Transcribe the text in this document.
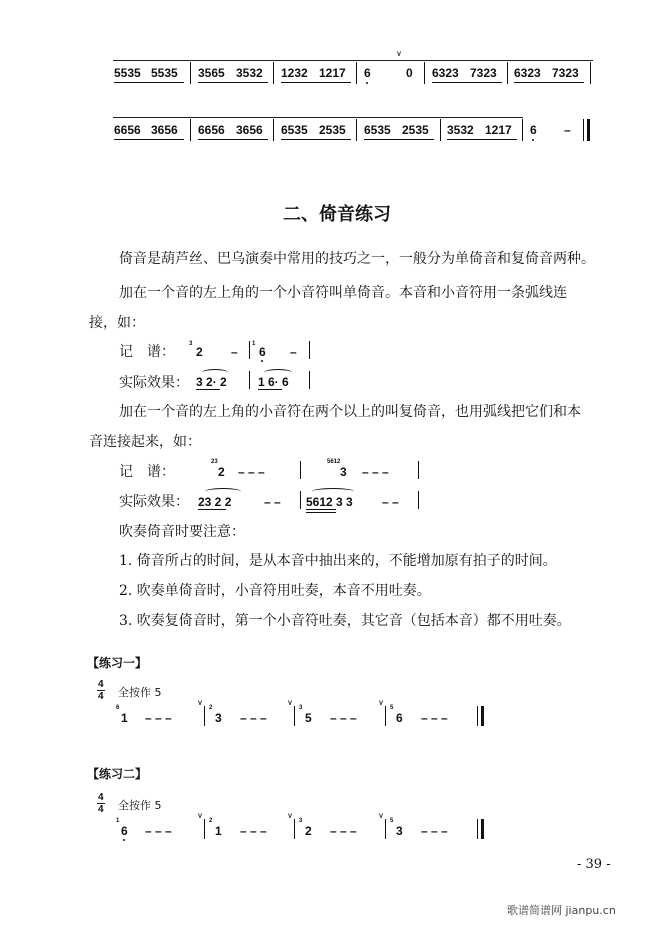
5535 5535 3565 3532 1232 1217 6
V
0 6323 7323 6323 7323
6656 3656 6656 3656 6535 2535 6535 2535 3532 1217 6 –
二、倚音练习
倚音是葫芦丝、巴乌演奏中常用的技巧之一，一般分为单倚音和复倚音两种。
加在一个音的左上角的一个小音符叫单倚音。本音和小音符用一条弧线连
接，如：
记　谱： 3
2 –
1
6 –
实际效果： 3 2· 2	1 6· 6
加在一个音的左上角的小音符在两个以上的叫复倚音，也用弧线把它们和本
音连接起来，如：
记　谱：
23
2 – – –
5612
3 – – –
实际效果： 23 2 2	– – 5612 3 3 – –
吹奏倚音时要注意：
1. 倚音所占的时间，是从本音中抽出来的，不能增加原有拍子的时间。
2. 吹奏单倚音时，小音符用吐奏，本音不用吐奏。
3. 吹奏复倚音时，第一个小音符吐奏，其它音（包括本音）都不用吐奏。
【练习一】
4
4 全按作 5
6
1 – – –
V
2
3 – – –
V
3
5 – – –
V
5
6 – – –
【练习二】
4
4 全按作 5
1
6 – – –
V
2
1 – – –
V
3
2 – – –
V
5
3 – – –
- 39 -
歌谱简谱网 jianpu.cn
